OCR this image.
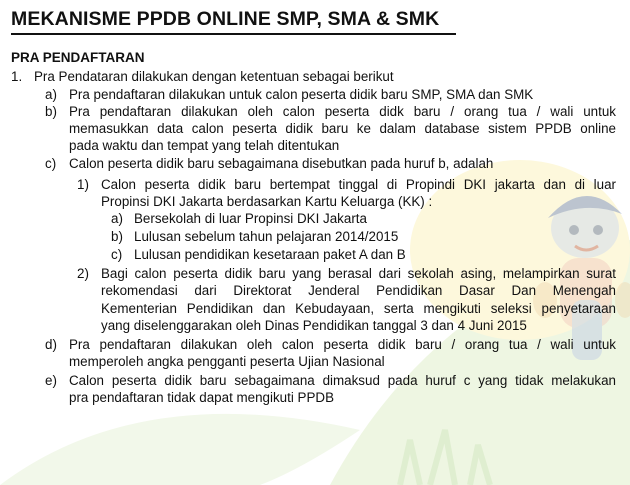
MEKANISME PPDB ONLINE SMP, SMA & SMK
PRA PENDAFTARAN
1. Pra Pendataran dilakukan dengan ketentuan sebagai berikut
a) Pra pendaftaran dilakukan untuk calon peserta didik baru SMP, SMA dan SMK
b) Pra pendaftaran dilakukan oleh calon peserta didk baru / orang tua / wali untuk
memasukkan data calon peserta didik baru ke dalam database sistem PPDB online
pada waktu dan tempat yang telah ditentukan
c) Calon peserta didik baru sebagaimana disebutkan pada huruf b, adalah
1) Calon peserta didik baru bertempat tinggal di Propindi DKI jakarta dan di luar
Propinsi DKI Jakarta berdasarkan Kartu Keluarga (KK) :
a) Bersekolah di luar Propinsi DKI Jakarta
b) Lulusan sebelum tahun pelajaran 2014/2015
c) Lulusan pendidikan kesetaraan paket A dan B
2) Bagi calon peserta didik baru yang berasal dari sekolah asing, melampirkan surat
rekomendasi dari Direktorat Jenderal Pendidikan Dasar Dan Menengah
Kementerian Pendidikan dan Kebudayaan, serta mengikuti seleksi penyetaraan
yang diselenggarakan oleh Dinas Pendidikan tanggal 3 dan 4 Juni 2015
d) Pra pendaftaran dilakukan oleh calon peserta didik baru / orang tua / wali untuk
memperoleh angka pengganti peserta Ujian Nasional
e) Calon peserta didik baru sebagaimana dimaksud pada huruf c yang tidak melakukan
pra pendaftaran tidak dapat mengikuti PPDB
